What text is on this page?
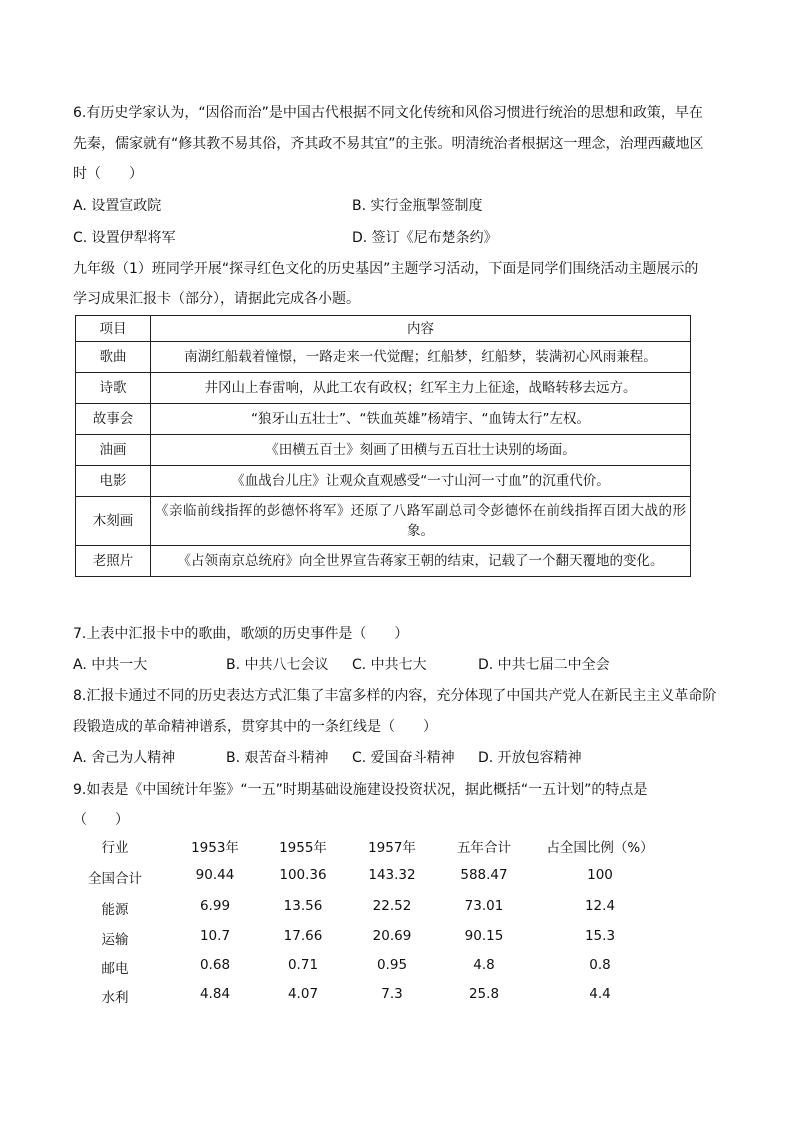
6.有历史学家认为，“因俗而治”是中国古代根据不同文化传统和风俗习惯进行统治的思想和政策，早在
先秦，儒家就有“修其教不易其俗，齐其政不易其宜”的主张。明清统治者根据这一理念，治理西藏地区
时（　　）
A. 设置宣政院	B. 实行金瓶掣签制度
C. 设置伊犁将军	D. 签订《尼布楚条约》
九年级（1）班同学开展“探寻红色文化的历史基因”主题学习活动，下面是同学们围绕活动主题展示的
学习成果汇报卡（部分），请据此完成各小题。
项目	内容
歌曲	南湖红船载着憧憬，一路走来一代觉醒；红船梦，红船梦，装满初心风雨兼程。
诗歌	井冈山上春雷响，从此工农有政权；红军主力上征途，战略转移去远方。
故事会	“狼牙山五壮士”、“铁血英雄”杨靖宇、“血铸太行”左权。
油画	《田横五百士》刻画了田横与五百壮士诀别的场面。
电影	《血战台儿庄》让观众直观感受“一寸山河一寸血”的沉重代价。
木刻画	《亲临前线指挥的彭德怀将军》还原了八路军副总司令彭德怀在前线指挥百团大战的形象。
老照片	《占领南京总统府》向全世界宣告蒋家王朝的结束，记载了一个翻天覆地的变化。
7.上表中汇报卡中的歌曲，歌颂的历史事件是（　　）
A. 中共一大	B. 中共八七会议 C. 中共七大	D. 中共七届二中全会
8.汇报卡通过不同的历史表达方式汇集了丰富多样的内容，充分体现了中国共产党人在新民主主义革命阶
段锻造成的革命精神谱系，贯穿其中的一条红线是（　　）
A. 舍己为人精神	B. 艰苦奋斗精神 C. 爱国奋斗精神 D. 开放包容精神
9.如表是《中国统计年鉴》“一五”时期基础设施建设投资状况，据此概括“一五计划”的特点是
（　　）
行业	1953年	1955年	1957年	五年合计	占全国比例（%）
全国合计	90.44	100.36	143.32	588.47	100
能源	6.99	13.56	22.52	73.01	12.4
运输	10.7	17.66	20.69	90.15	15.3
邮电	0.68	0.71	0.95	4.8	0.8
水利	4.84	4.07	7.3	25.8	4.4
